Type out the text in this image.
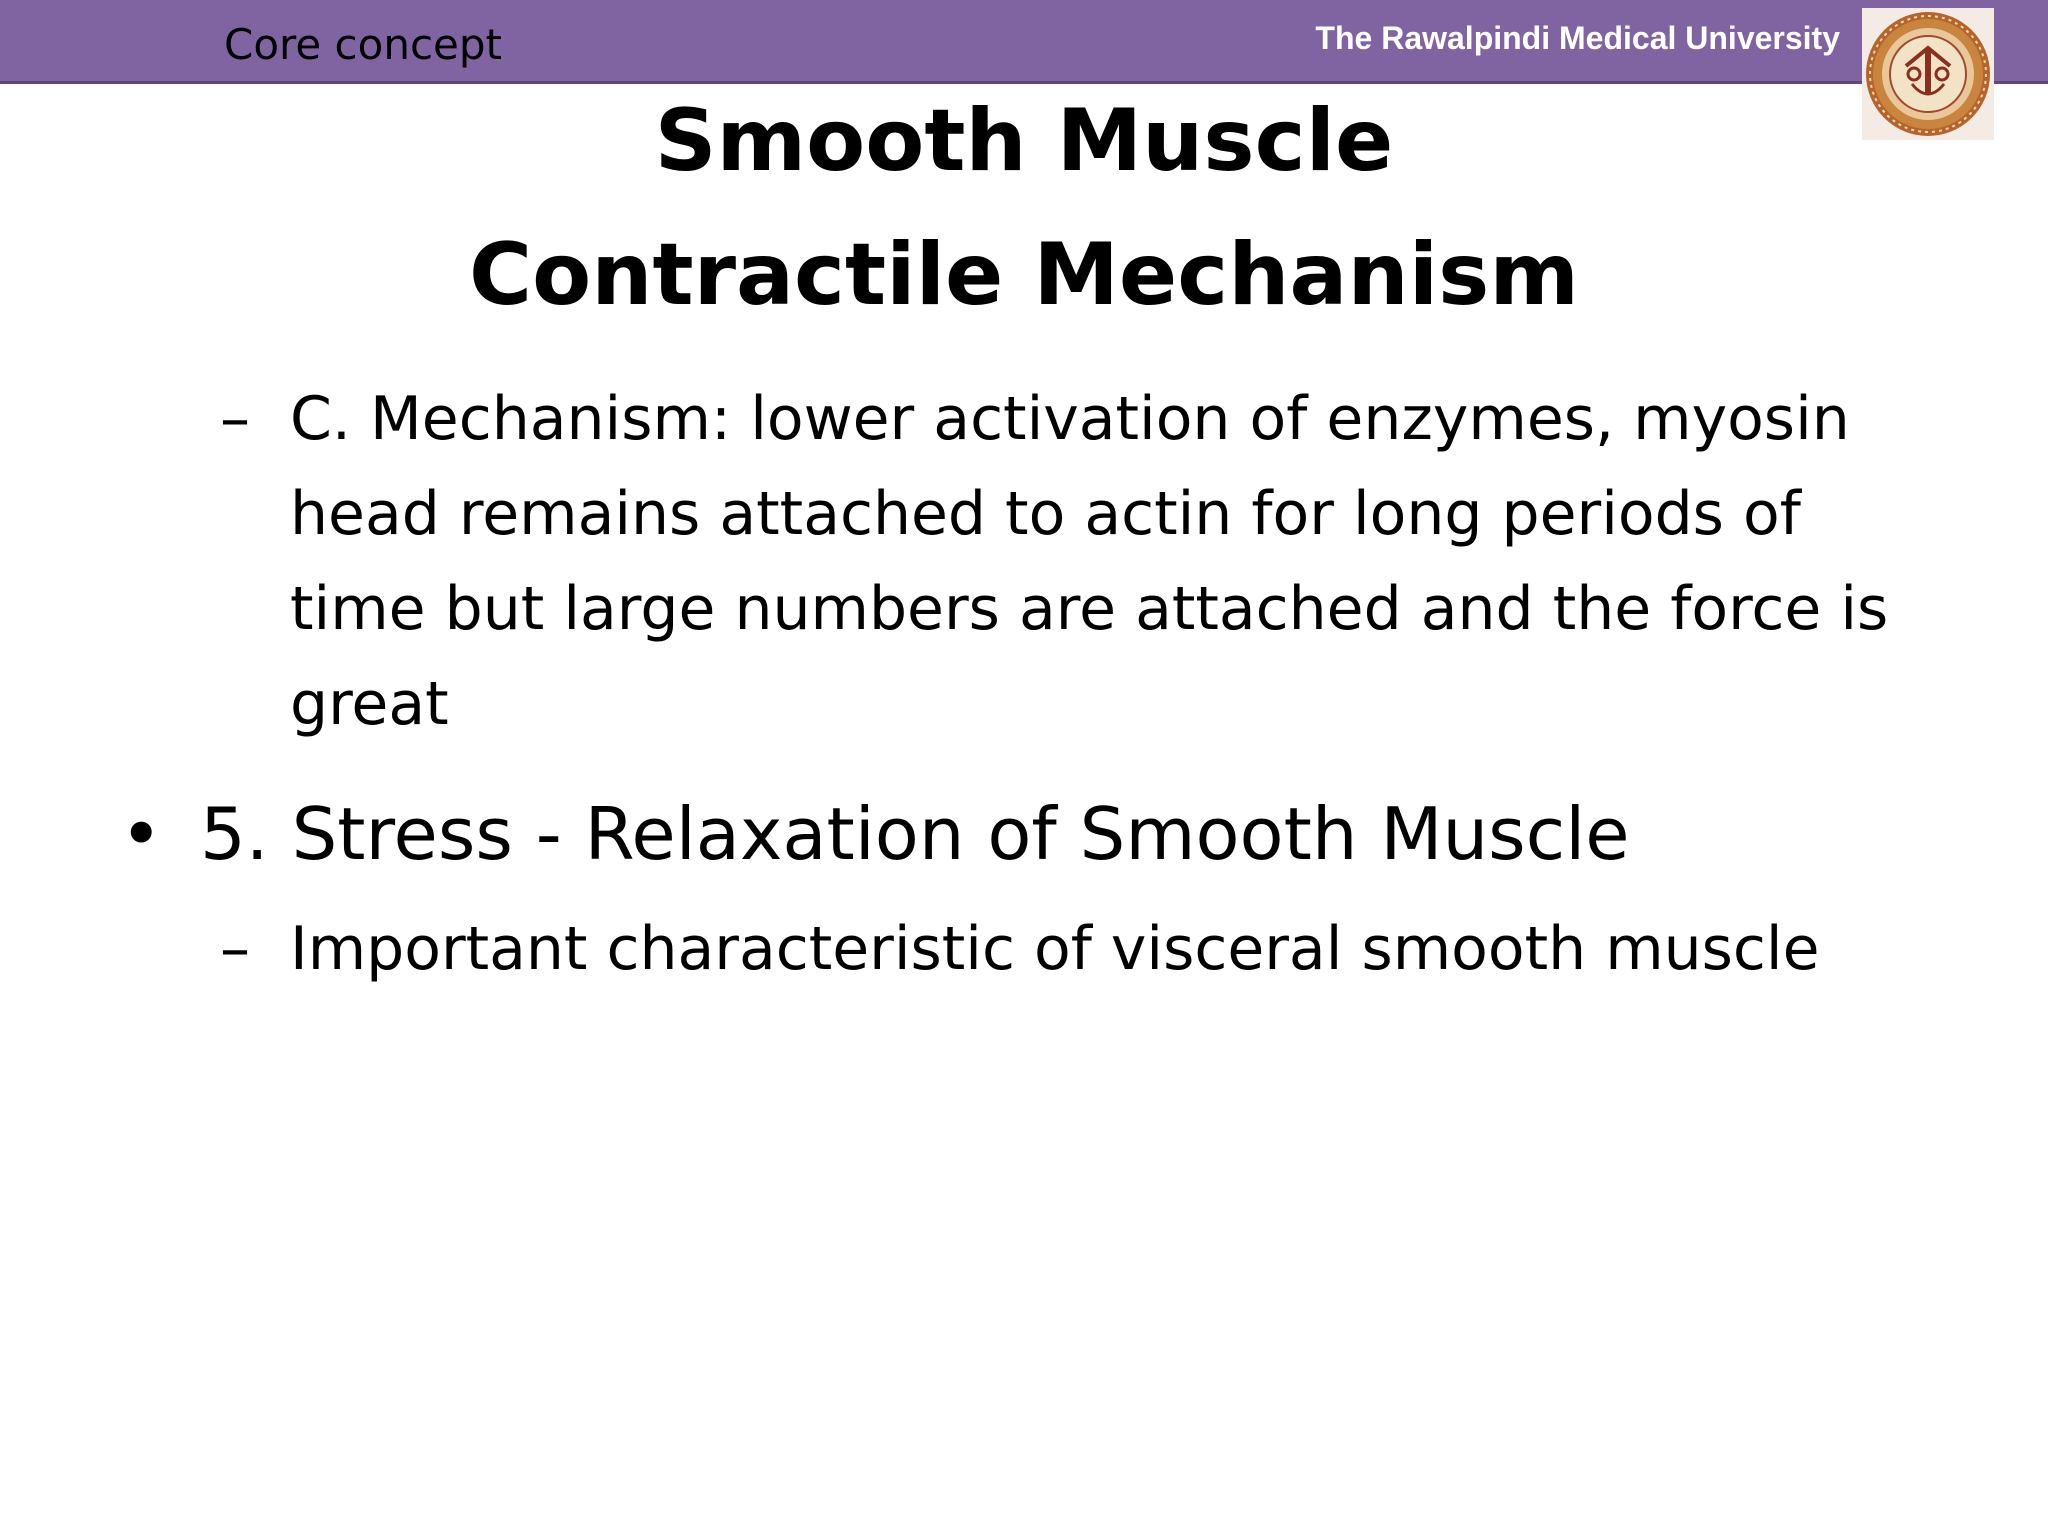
Core concept	The Rawalpindi Medical University
Smooth Muscle
Contractile Mechanism
– C. Mechanism: lower activation of enzymes, myosin head remains attached to actin for long periods of time but large numbers are attached and the force is great
• 5. Stress - Relaxation of Smooth Muscle
– Important characteristic of visceral smooth muscle
